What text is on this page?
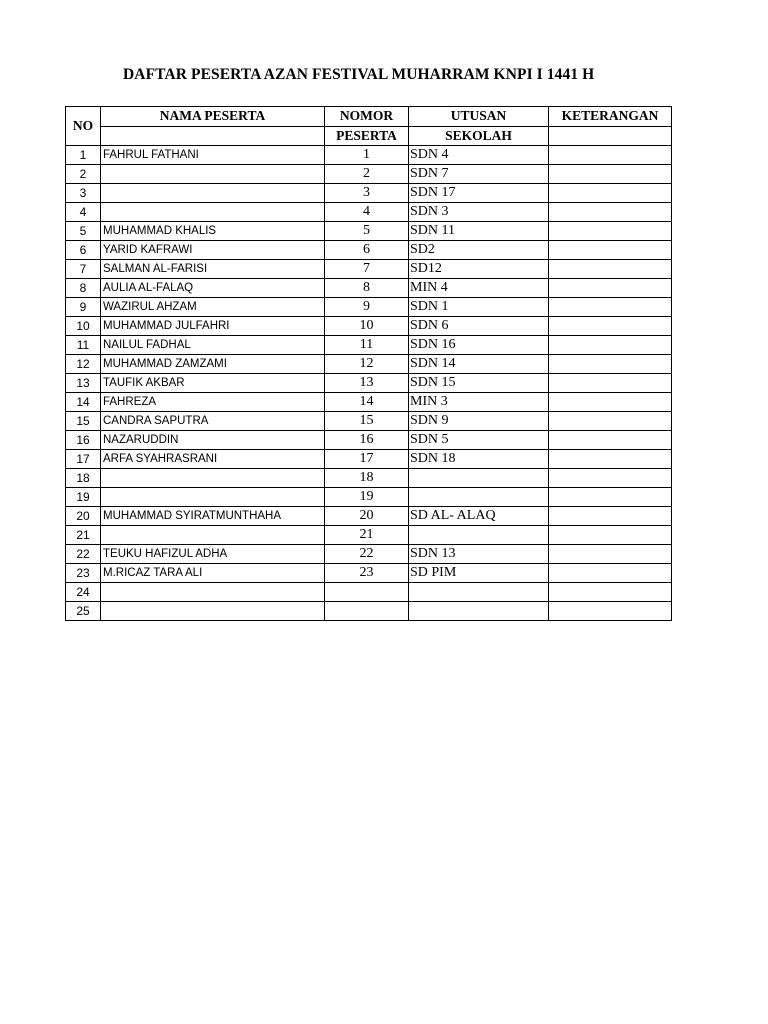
DAFTAR PESERTA AZAN FESTIVAL MUHARRAM KNPI I 1441 H
NO	NAMA PESERTA	NOMOR	UTUSAN	KETERANGAN
		PESERTA	SEKOLAH	
1	FAHRUL FATHANI	1	SDN 4	
2		2	SDN 7	
3		3	SDN 17	
4		4	SDN 3	
5	MUHAMMAD KHALIS	5	SDN 11	
6	YARID KAFRAWI	6	SD2	
7	SALMAN AL-FARISI	7	SD12	
8	AULIA AL-FALAQ	8	MIN 4	
9	WAZIRUL AHZAM	9	SDN 1	
10	MUHAMMAD JULFAHRI	10	SDN 6	
11	NAILUL FADHAL	11	SDN 16	
12	MUHAMMAD ZAMZAMI	12	SDN 14	
13	TAUFIK AKBAR	13	SDN 15	
14	FAHREZA	14	MIN 3	
15	CANDRA SAPUTRA	15	SDN 9	
16	NAZARUDDIN	16	SDN 5	
17	ARFA SYAHRASRANI	17	SDN 18	
18		18		
19		19		
20	MUHAMMAD SYIRATMUNTHAHA	20	SD AL- ALAQ	
21		21		
22	TEUKU HAFIZUL ADHA	22	SDN 13	
23	M.RICAZ TARA ALI	23	SD PIM	
24				
25				
